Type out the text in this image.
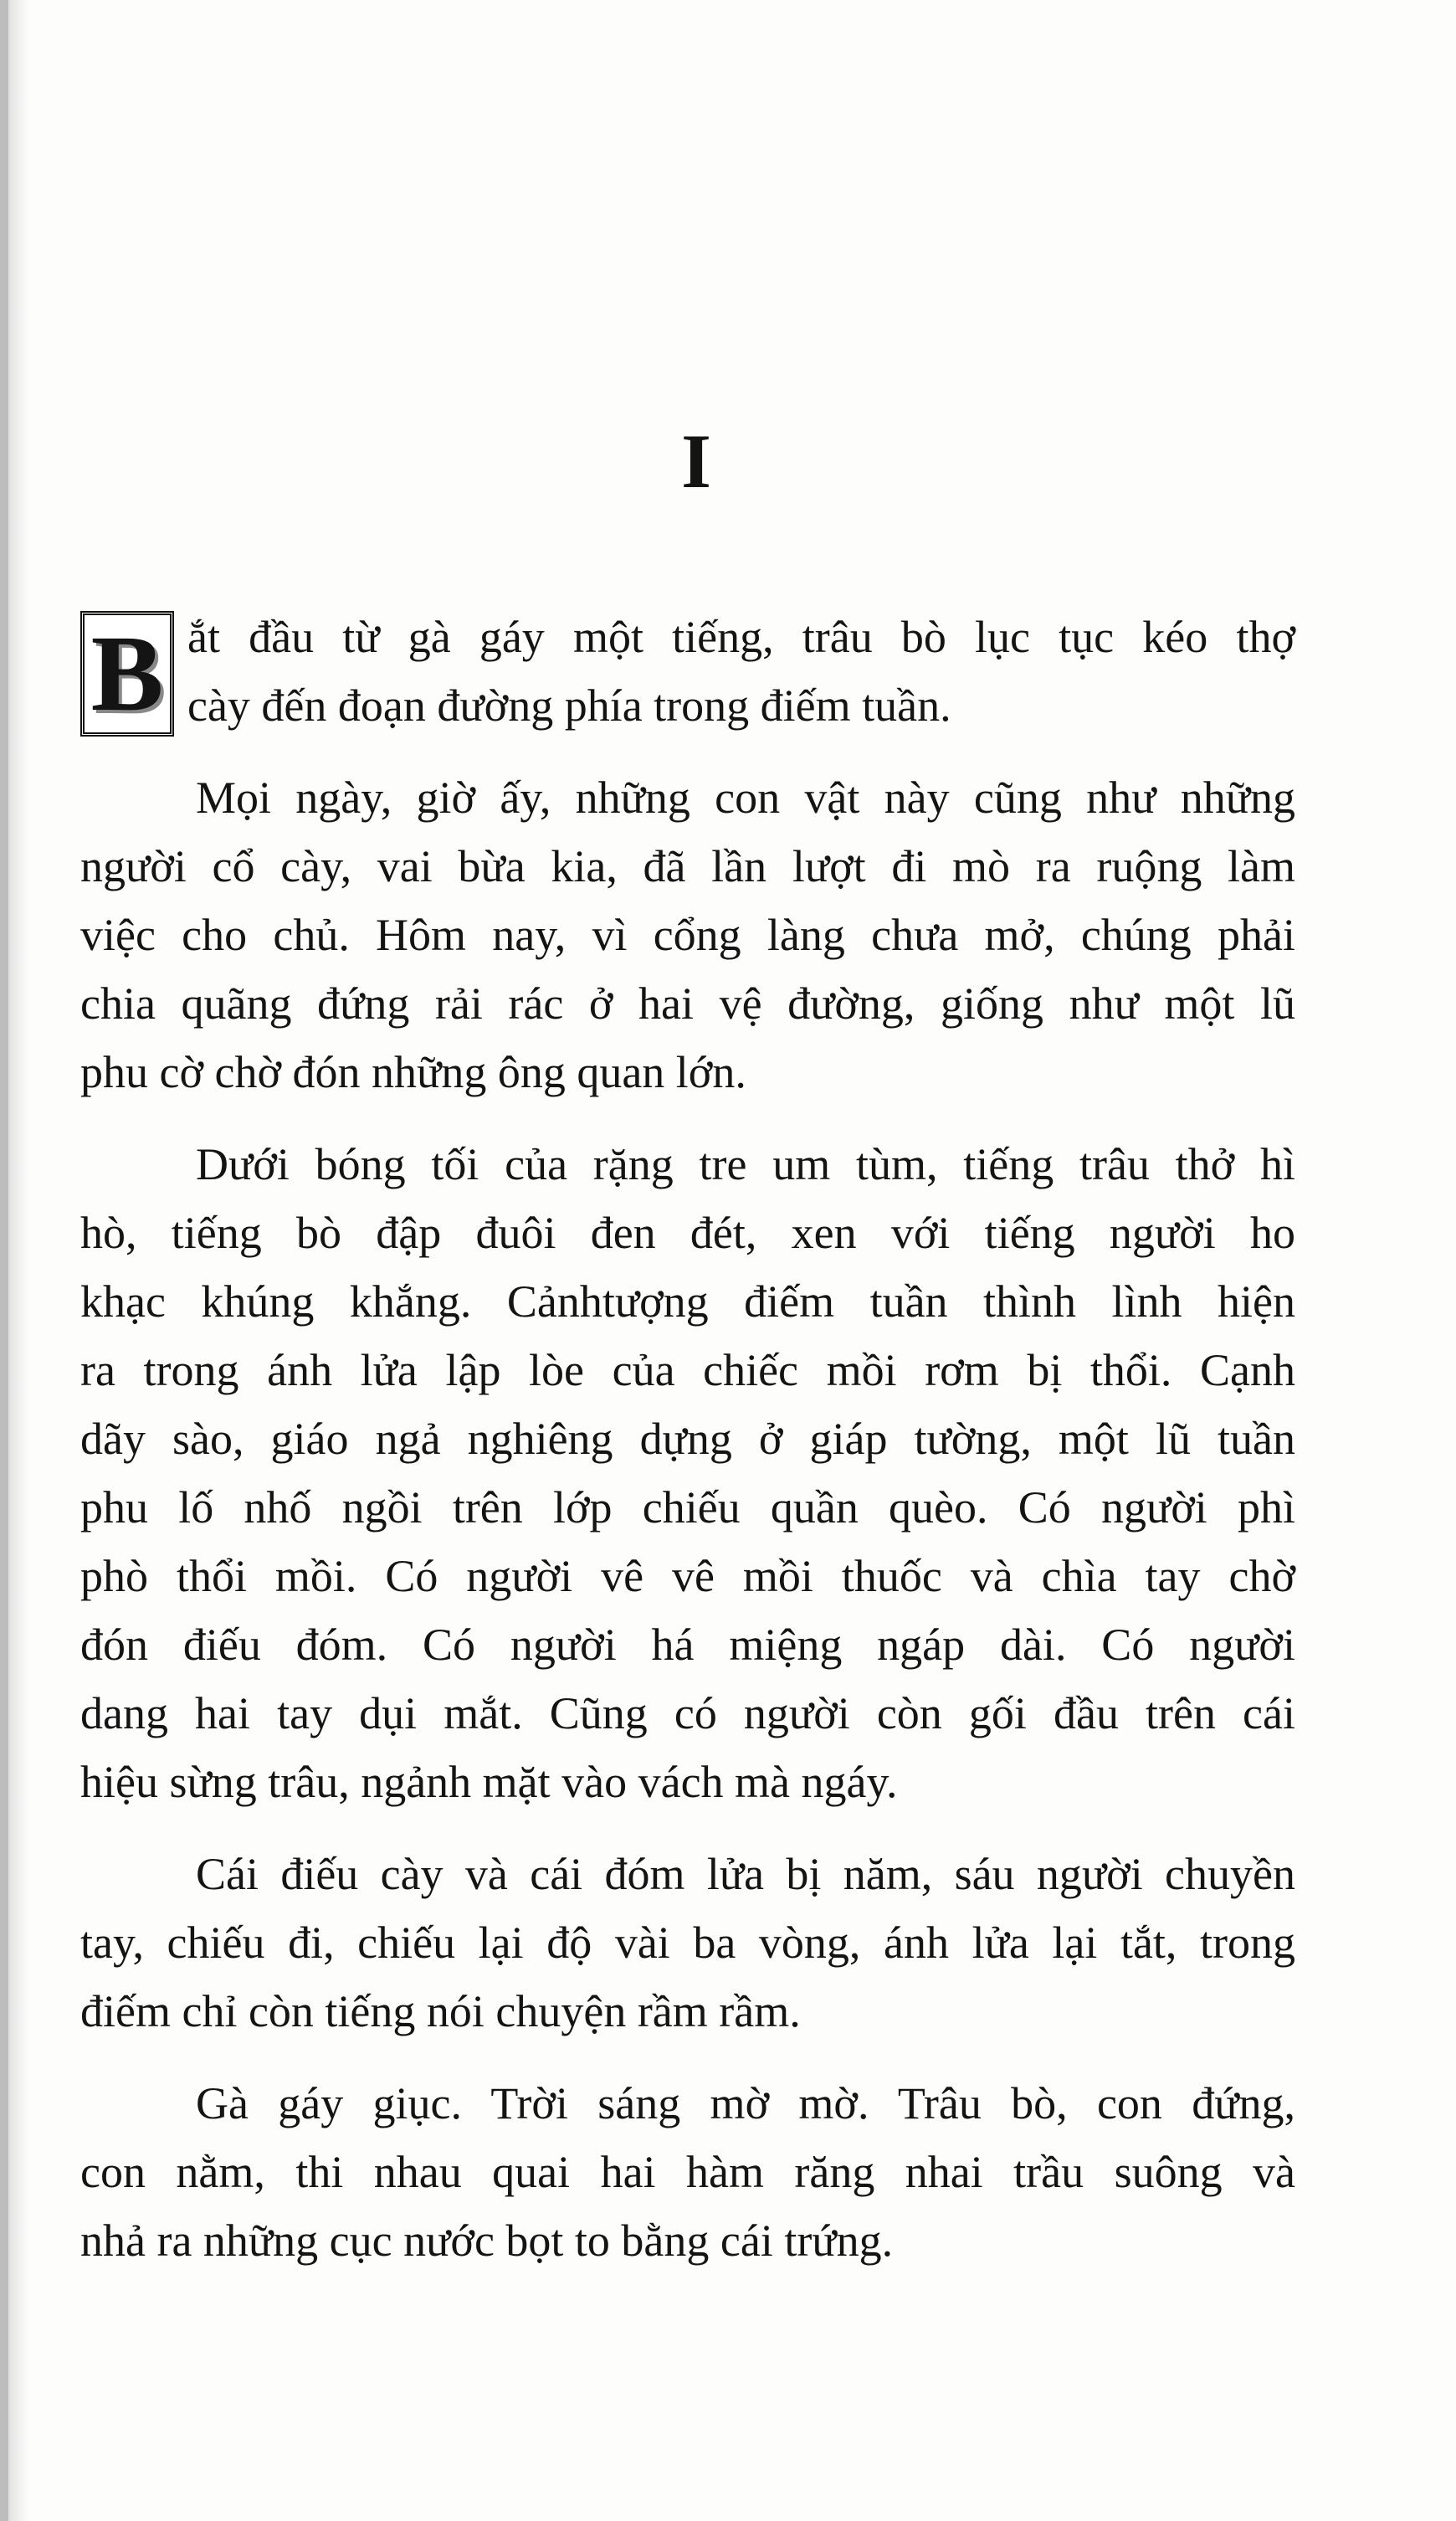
I
B ắt đầu từ gà gáy một tiếng, trâu bò lục tục kéo thợ
cày đến đoạn đường phía trong điếm tuần.
Mọi ngày, giờ ấy, những con vật này cũng như những
người cổ cày, vai bừa kia, đã lần lượt đi mò ra ruộng làm
việc cho chủ. Hôm nay, vì cổng làng chưa mở, chúng phải
chia quãng đứng rải rác ở hai vệ đường, giống như một lũ
phu cờ chờ đón những ông quan lớn.
Dưới bóng tối của rặng tre um tùm, tiếng trâu thở hì
hò, tiếng bò đập đuôi đen đét, xen với tiếng người ho
khạc khúng khắng. Cảnhtượng điếm tuần thình lình hiện
ra trong ánh lửa lập lòe của chiếc mồi rơm bị thổi. Cạnh
dãy sào, giáo ngả nghiêng dựng ở giáp tường, một lũ tuần
phu lố nhố ngồi trên lớp chiếu quần quèo. Có người phì
phò thổi mồi. Có người vê vê mồi thuốc và chìa tay chờ
đón điếu đóm. Có người há miệng ngáp dài. Có người
dang hai tay dụi mắt. Cũng có người còn gối đầu trên cái
hiệu sừng trâu, ngảnh mặt vào vách mà ngáy.
Cái điếu cày và cái đóm lửa bị năm, sáu người chuyền
tay, chiếu đi, chiếu lại độ vài ba vòng, ánh lửa lại tắt, trong
điếm chỉ còn tiếng nói chuyện rầm rầm.
Gà gáy giục. Trời sáng mờ mờ. Trâu bò, con đứng,
con nằm, thi nhau quai hai hàm răng nhai trầu suông và
nhả ra những cục nước bọt to bằng cái trứng.
